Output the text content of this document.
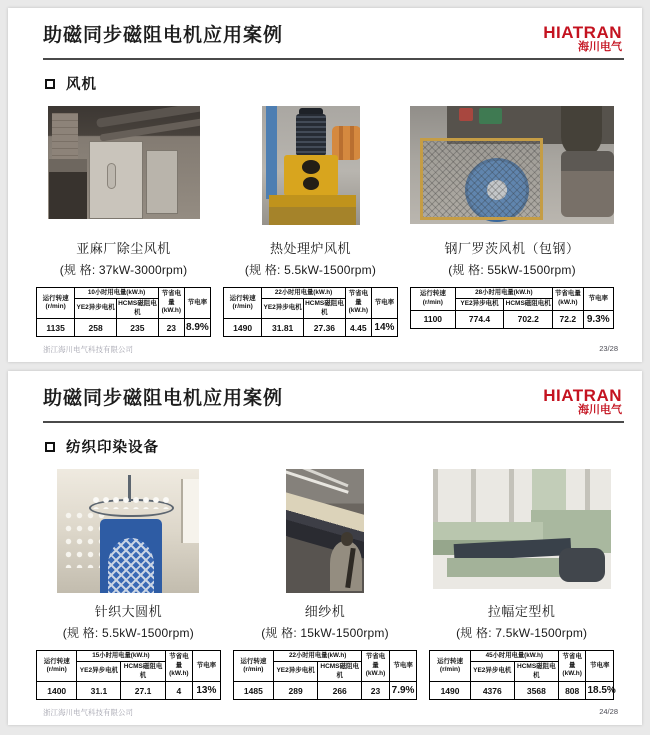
助磁同步磁阻电机应用案例	HIATRAN
海川电气
风机
亚麻厂除尘风机
(规 格: 37kW-3000rpm)
运行转速 (r/min)	10小时用电量(kW.h)		节省电量 (kW.h)	节电率
	YE2异步电机	HCMS磁阻电机		
1135	258	235	23	8.9%
热处理炉风机
(规 格: 5.5kW-1500rpm)
运行转速 (r/min)	22小时用电量(kW.h)		节省电量 (kW.h)	节电率
	YE2异步电机	HCMS磁阻电机		
1490	31.81	27.36	4.45	14%
钢厂罗茨风机（包钢）
(规 格: 55kW-1500rpm)
运行转速 (r/min)	28小时用电量(kW.h)		节省电量 (kW.h)	节电率
	YE2异步电机	HCMS磁阻电机		
1100	774.4	702.2	72.2	9.3%
浙江海川电气科技有限公司	23/28
助磁同步磁阻电机应用案例	HIATRAN
海川电气
纺织印染设备
针织大圆机
(规 格: 5.5kW-1500rpm)
运行转速 (r/min)	15小时用电量(kW.h)		节省电量 (kW.h)	节电率
	YE2异步电机	HCMS磁阻电机		
1400	31.1	27.1	4	13%
细纱机
(规 格: 15kW-1500rpm)
运行转速 (r/min)	22小时用电量(kW.h)		节省电量 (kW.h)	节电率
	YE2异步电机	HCMS磁阻电机		
1485	289	266	23	7.9%
拉幅定型机
(规 格: 7.5kW-1500rpm)
运行转速 (r/min)	45小时用电量(kW.h)		节省电量 (kW.h)	节电率
	YE2异步电机	HCMS磁阻电机		
1490	4376	3568	808	18.5%
浙江海川电气科技有限公司	24/28
